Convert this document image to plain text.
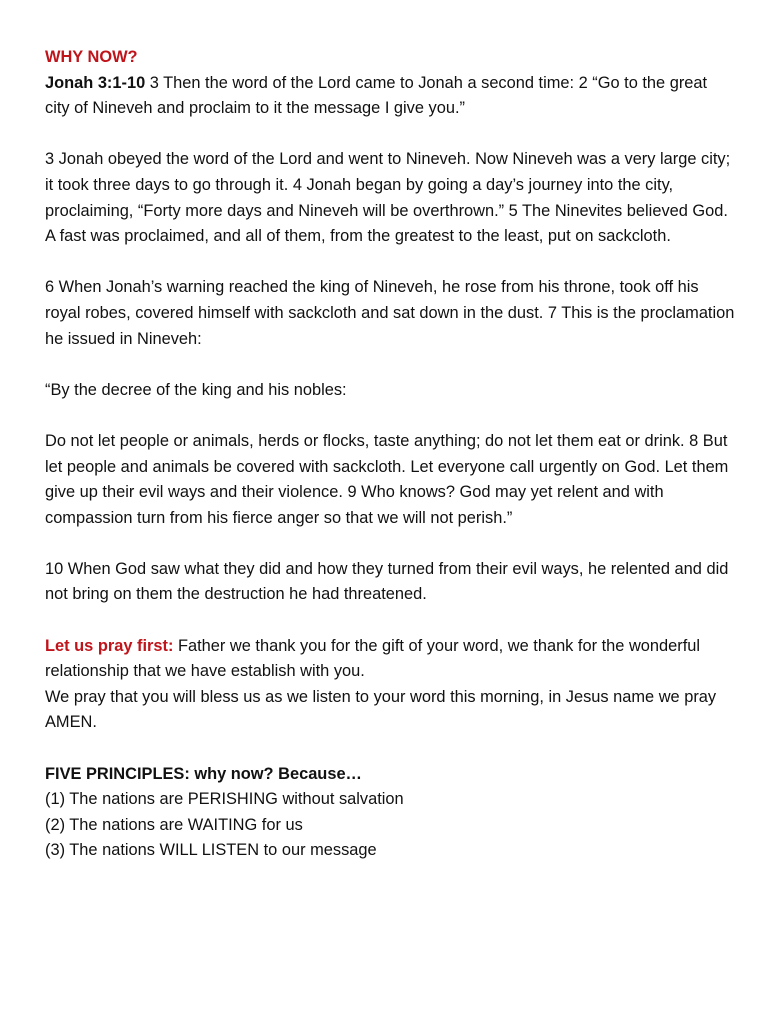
WHY NOW?

Jonah 3:1-10 3 Then the word of the Lord came to Jonah a second time: 2 “Go to the great city of Nineveh and proclaim to it the message I give you.”

3 Jonah obeyed the word of the Lord and went to Nineveh. Now Nineveh was a very large city; it took three days to go through it. 4 Jonah began by going a day’s journey into the city, proclaiming, “Forty more days and Nineveh will be overthrown.” 5 The Ninevites believed God. A fast was proclaimed, and all of them, from the greatest to the least, put on sackcloth.

6 When Jonah’s warning reached the king of Nineveh, he rose from his throne, took off his royal robes, covered himself with sackcloth and sat down in the dust. 7 This is the proclamation he issued in Nineveh:

“By the decree of the king and his nobles:

Do not let people or animals, herds or flocks, taste anything; do not let them eat or drink. 8 But let people and animals be covered with sackcloth. Let everyone call urgently on God. Let them give up their evil ways and their violence. 9 Who knows? God may yet relent and with compassion turn from his fierce anger so that we will not perish.”

10 When God saw what they did and how they turned from their evil ways, he relented and did not bring on them the destruction he had threatened.

Let us pray first: Father we thank you for the gift of your word, we thank for the wonderful relationship that we have establish with you.

We pray that you will bless us as we listen to your word this morning, in Jesus name we pray AMEN.

FIVE PRINCIPLES: why now? Because…

(1) The nations are PERISHING without salvation

(2) The nations are WAITING for us

(3) The nations WILL LISTEN to our message
